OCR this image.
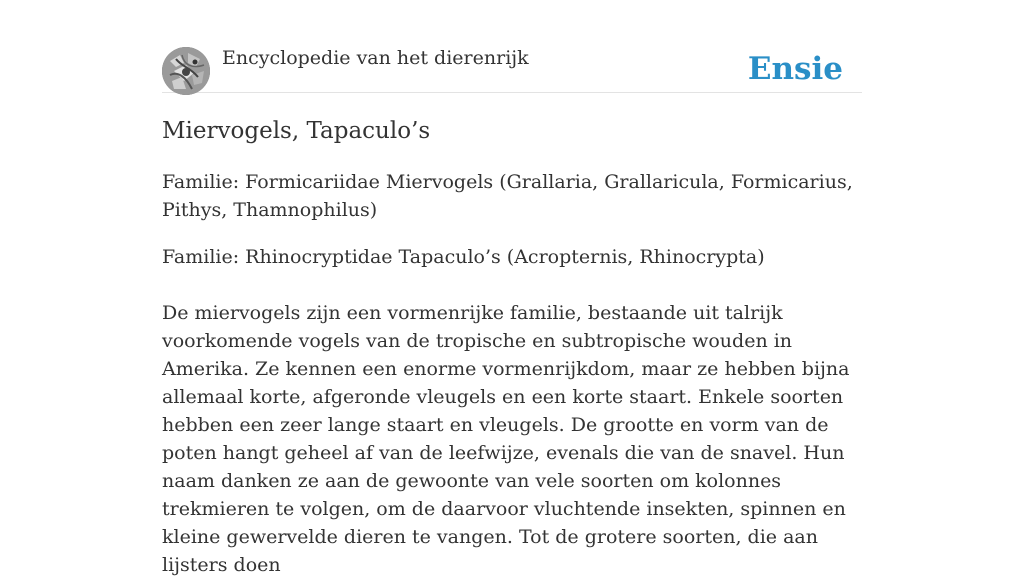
Encyclopedie van het dierenrijk	Ensie
Miervogels, Tapaculo’s

Familie: Formicariidae Miervogels (Grallaria, Grallaricula, Formicarius, Pithys, Thamnophilus)

Familie: Rhinocryptidae Tapaculo’s (Acropternis, Rhinocrypta)

De miervogels zijn een vormenrijke familie, bestaande uit talrijk voorkomende vogels van de tropische en subtropische wouden in Amerika. Ze kennen een enorme vormenrijkdom, maar ze hebben bijna allemaal korte, afgeronde vleugels en een korte staart. Enkele soorten hebben een zeer lange staart en vleugels. De grootte en vorm van de poten hangt geheel af van de leefwijze, evenals die van de snavel. Hun naam danken ze aan de gewoonte van vele soorten om kolonnes trekmieren te volgen, om de daarvoor vluchtende insekten, spinnen en kleine gewervelde dieren te vangen. Tot de grotere soorten, die aan lijsters doen
